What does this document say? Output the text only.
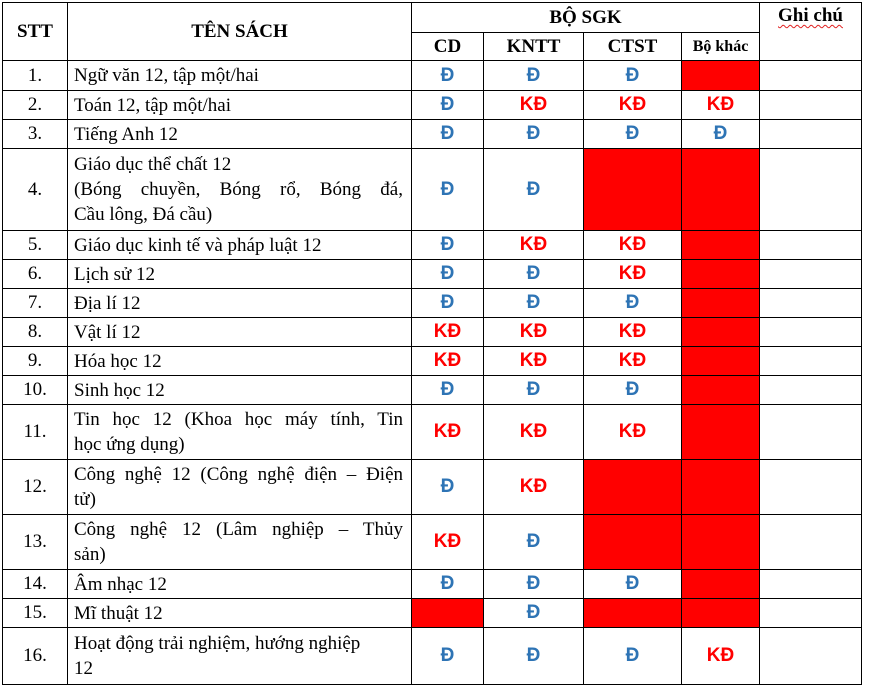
STT	TÊN SÁCH	BỘ SGK				Ghi chú
		CD	KNTT	CTST	Bộ khác	
1.	Ngữ văn 12, tập một/hai	Đ	Đ	Đ		
2.	Toán 12, tập một/hai	Đ	KĐ	KĐ	KĐ	
3.	Tiếng Anh 12	Đ	Đ	Đ	Đ	
4.	Giáo dục thể chất 12
(Bóng chuyền, Bóng rổ, Bóng đá,
Cầu lông, Đá cầu)	Đ	Đ			
5.	Giáo dục kinh tế và pháp luật 12	Đ	KĐ	KĐ		
6.	Lịch sử 12	Đ	Đ	KĐ		
7.	Địa lí 12	Đ	Đ	Đ		
8.	Vật lí 12	KĐ	KĐ	KĐ		
9.	Hóa học 12	KĐ	KĐ	KĐ		
10.	Sinh học 12	Đ	Đ	Đ		
11.	Tin học 12 (Khoa học máy tính, Tin
học ứng dụng)	KĐ	KĐ	KĐ		
12.	Công nghệ 12 (Công nghệ điện – Điện
tử)	Đ	KĐ			
13.	Công nghệ 12 (Lâm nghiệp – Thủy
sản)	KĐ	Đ			
14.	Âm nhạc 12	Đ	Đ	Đ		
15.	Mĩ thuật 12		Đ			
16.	Hoạt động trải nghiệm, hướng nghiệp
12	Đ	Đ	Đ	KĐ	
